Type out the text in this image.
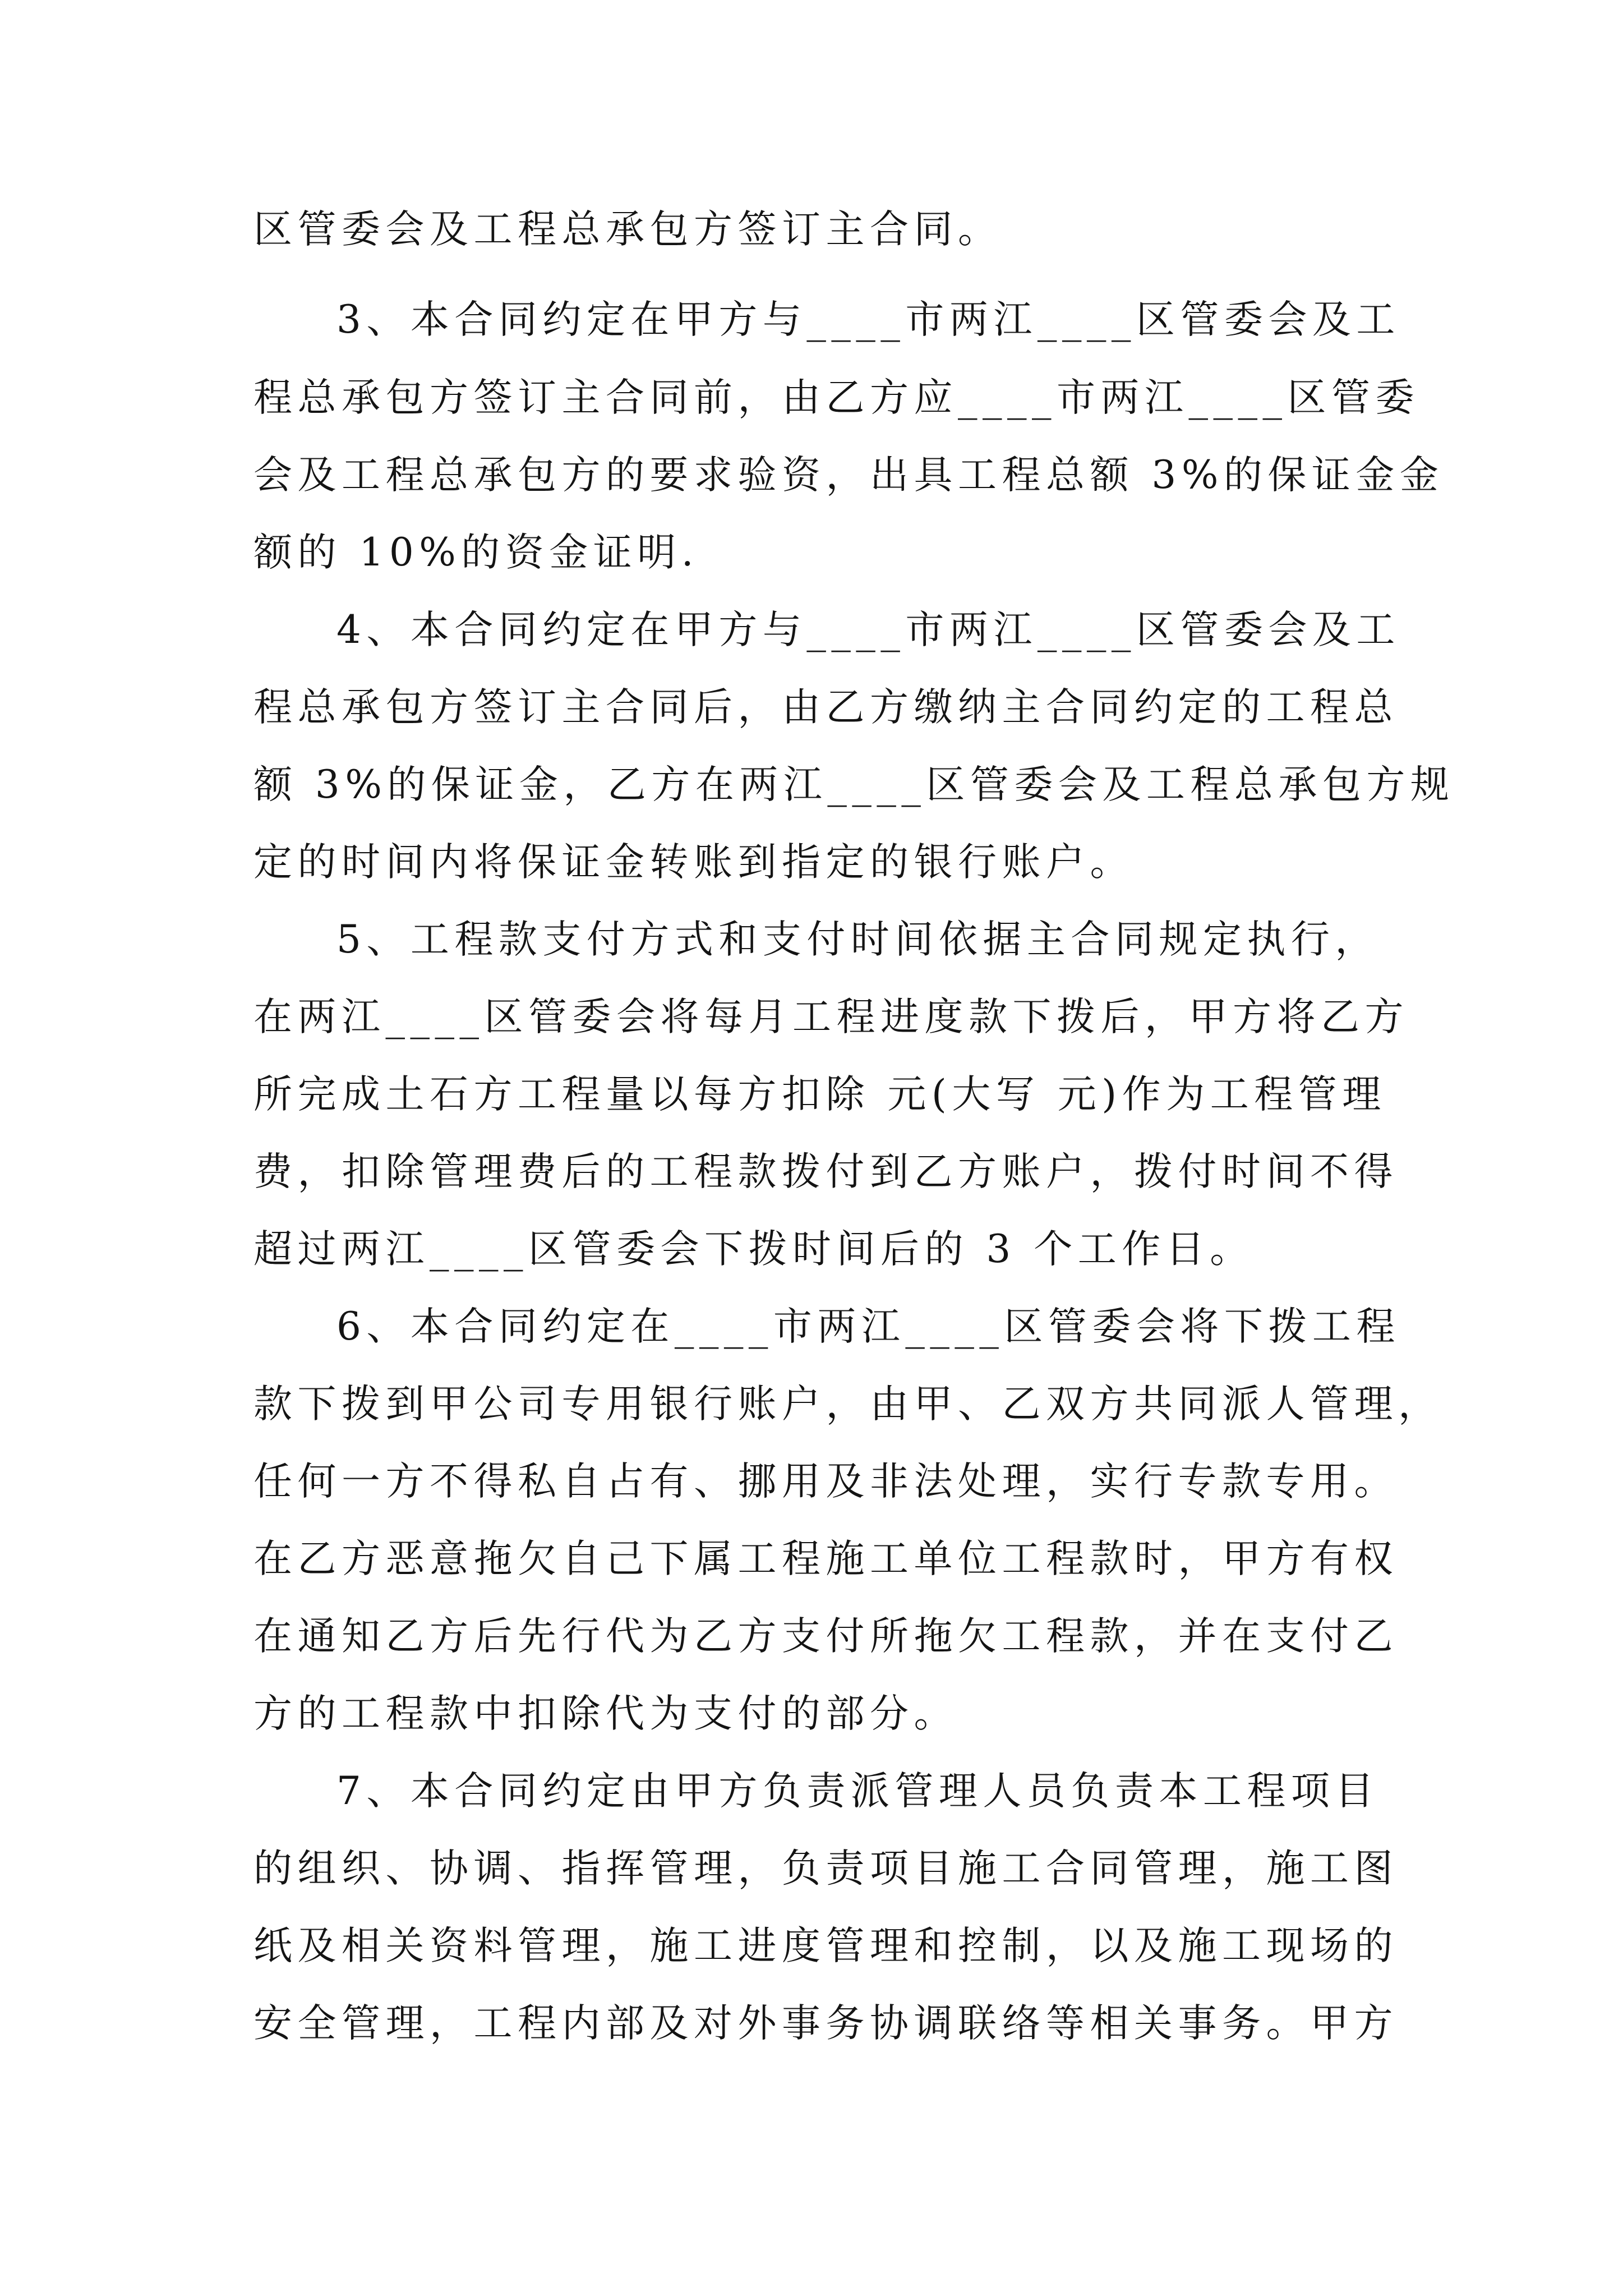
区管委会及工程总承包方签订主合同。
3、本合同约定在甲方与____市两江____区管委会及工
程总承包方签订主合同前，由乙方应____市两江____区管委
会及工程总承包方的要求验资，出具工程总额 3%的保证金金
额的 10%的资金证明.
4、本合同约定在甲方与____市两江____区管委会及工
程总承包方签订主合同后，由乙方缴纳主合同约定的工程总
额 3%的保证金，乙方在两江____区管委会及工程总承包方规
定的时间内将保证金转账到指定的银行账户。
5、工程款支付方式和支付时间依据主合同规定执行，
在两江____区管委会将每月工程进度款下拨后，甲方将乙方
所完成土石方工程量以每方扣除 元(大写 元)作为工程管理
费，扣除管理费后的工程款拨付到乙方账户，拨付时间不得
超过两江____区管委会下拨时间后的 3 个工作日。
6、本合同约定在____市两江____区管委会将下拨工程
款下拨到甲公司专用银行账户，由甲、乙双方共同派人管理，
任何一方不得私自占有、挪用及非法处理，实行专款专用。
在乙方恶意拖欠自己下属工程施工单位工程款时，甲方有权
在通知乙方后先行代为乙方支付所拖欠工程款，并在支付乙
方的工程款中扣除代为支付的部分。
7、本合同约定由甲方负责派管理人员负责本工程项目
的组织、协调、指挥管理，负责项目施工合同管理，施工图
纸及相关资料管理，施工进度管理和控制，以及施工现场的
安全管理，工程内部及对外事务协调联络等相关事务。甲方
